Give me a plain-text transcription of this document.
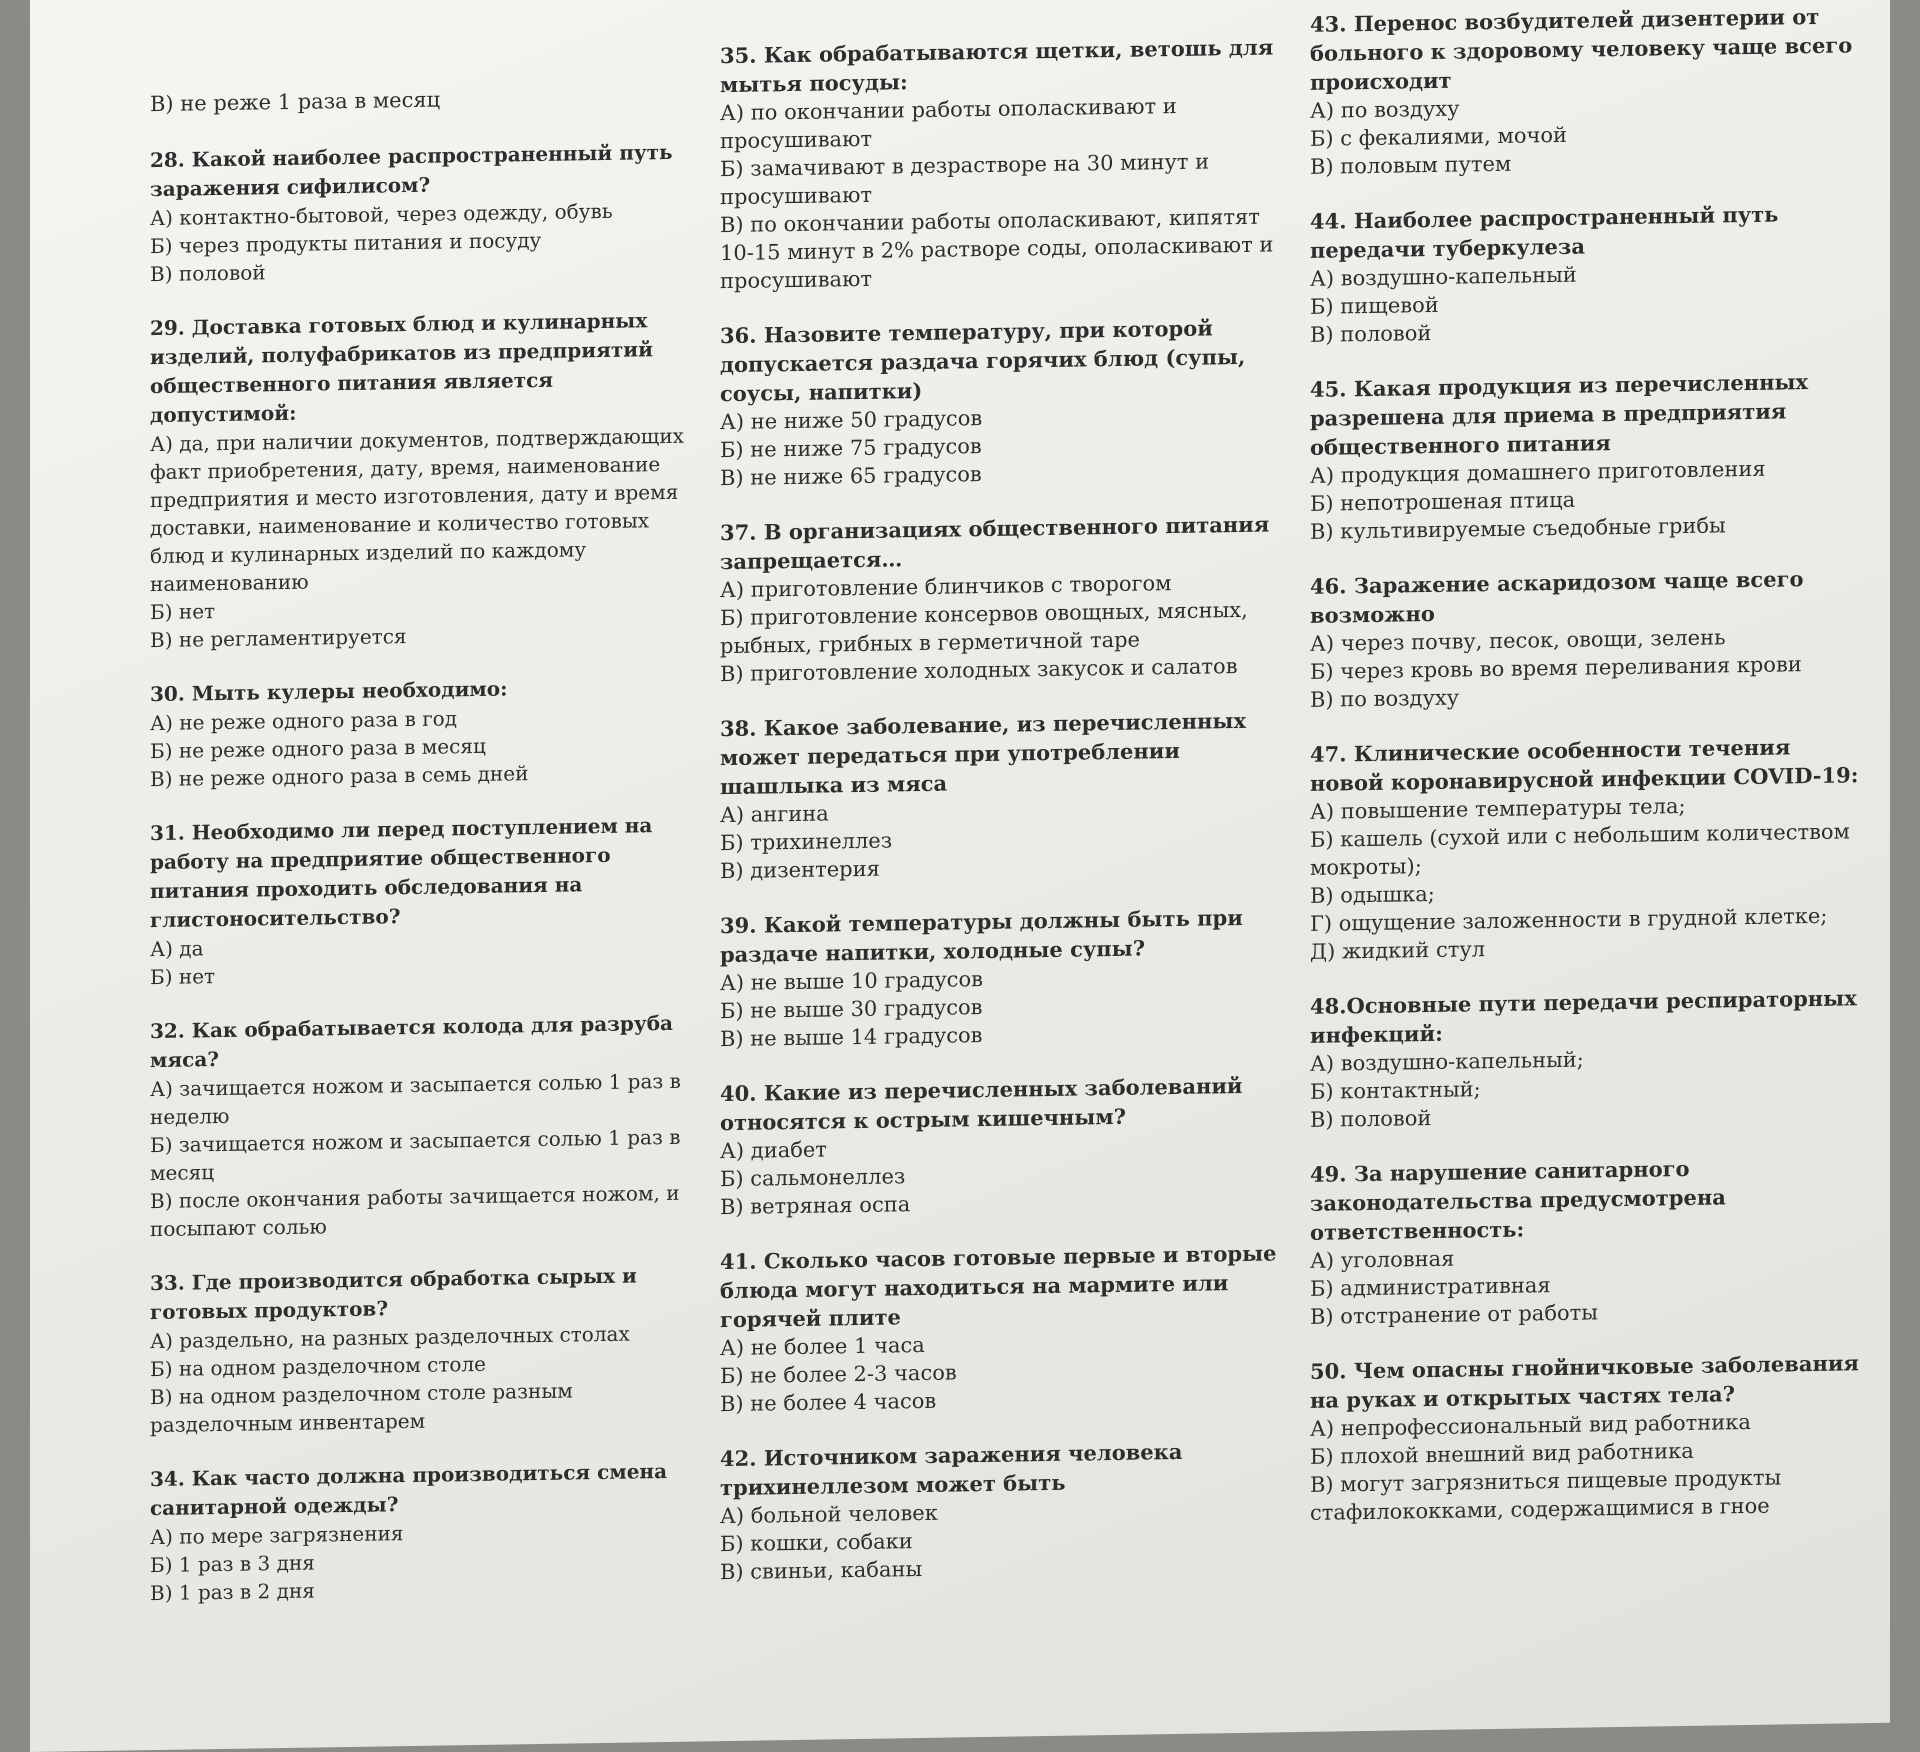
В) не реже 1 раза в месяц
28. Какой наиболее распространенный путь заражения сифилисом?
А) контактно-бытовой, через одежду, обувь
Б) через продукты питания и посуду
В) половой
29. Доставка готовых блюд и кулинарных изделий, полуфабрикатов из предприятий общественного питания является допустимой:
А) да, при наличии документов, подтверждающих факт приобретения, дату, время, наименование предприятия и место изготовления, дату и время доставки, наименование и количество готовых блюд и кулинарных изделий по каждому наименованию
Б) нет
В) не регламентируется
30. Мыть кулеры необходимо:
А) не реже одного раза в год
Б) не реже одного раза в месяц
В) не реже одного раза в семь дней
31. Необходимо ли перед поступлением на работу на предприятие общественного питания проходить обследования на глистоносительство?
А) да
Б) нет
32. Как обрабатывается колода для разруба мяса?
А) зачищается ножом и засыпается солью 1 раз в неделю
Б) зачищается ножом и засыпается солью 1 раз в месяц
В) после окончания работы зачищается ножом, и посыпают солью
33. Где производится обработка сырых и готовых продуктов?
А) раздельно, на разных разделочных столах
Б) на одном разделочном столе
В) на одном разделочном столе разным разделочным инвентарем
34. Как часто должна производиться смена санитарной одежды?
А) по мере загрязнения
Б) 1 раз в 3 дня
В) 1 раз в 2 дня
35. Как обрабатываются щетки, ветошь для мытья посуды:
А) по окончании работы ополаскивают и просушивают
Б) замачивают в дезрастворе на 30 минут и просушивают
В) по окончании работы ополаскивают, кипятят 10-15 минут в 2% растворе соды, ополаскивают и просушивают
36. Назовите температуру, при которой допускается раздача горячих блюд (супы, соусы, напитки)
А) не ниже 50 градусов
Б) не ниже 75 градусов
В) не ниже 65 градусов
37. В организациях общественного питания запрещается…
А) приготовление блинчиков с творогом
Б) приготовление консервов овощных, мясных, рыбных, грибных в герметичной таре
В) приготовление холодных закусок и салатов
38. Какое заболевание, из перечисленных может передаться при употреблении шашлыка из мяса
А) ангина
Б) трихинеллез
В) дизентерия
39. Какой температуры должны быть при раздаче напитки, холодные супы?
А) не выше 10 градусов
Б) не выше 30 градусов
В) не выше 14 градусов
40. Какие из перечисленных заболеваний относятся к острым кишечным?
А) диабет
Б) сальмонеллез
В) ветряная оспа
41. Сколько часов готовые первые и вторые блюда могут находиться на мармите или горячей плите
А) не более 1 часа
Б) не более 2-3 часов
В) не более 4 часов
42. Источником заражения человека трихинеллезом может быть
А) больной человек
Б) кошки, собаки
В) свиньи, кабаны
43. Перенос возбудителей дизентерии от больного к здоровому человеку чаще всего происходит
А) по воздуху
Б) с фекалиями, мочой
В) половым путем
44. Наиболее распространенный путь передачи туберкулеза
А) воздушно-капельный
Б) пищевой
В) половой
45. Какая продукция из перечисленных разрешена для приема в предприятия общественного питания
А) продукция домашнего приготовления
Б) непотрошеная птица
В) культивируемые съедобные грибы
46. Заражение аскаридозом чаще всего возможно
А) через почву, песок, овощи, зелень
Б) через кровь во время переливания крови
В) по воздуху
47. Клинические особенности течения новой коронавирусной инфекции COVID-19:
А) повышение температуры тела;
Б) кашель (сухой или с небольшим количеством мокроты);
В) одышка;
Г) ощущение заложенности в грудной клетке;
Д) жидкий стул
48.Основные пути передачи респираторных инфекций:
А) воздушно-капельный;
Б) контактный;
В) половой
49. За нарушение санитарного законодательства предусмотрена ответственность:
А) уголовная
Б) административная
В) отстранение от работы
50. Чем опасны гнойничковые заболевания на руках и открытых частях тела?
А) непрофессиональный вид работника
Б) плохой внешний вид работника
В) могут загрязниться пищевые продукты стафилококками, содержащимися в гное
